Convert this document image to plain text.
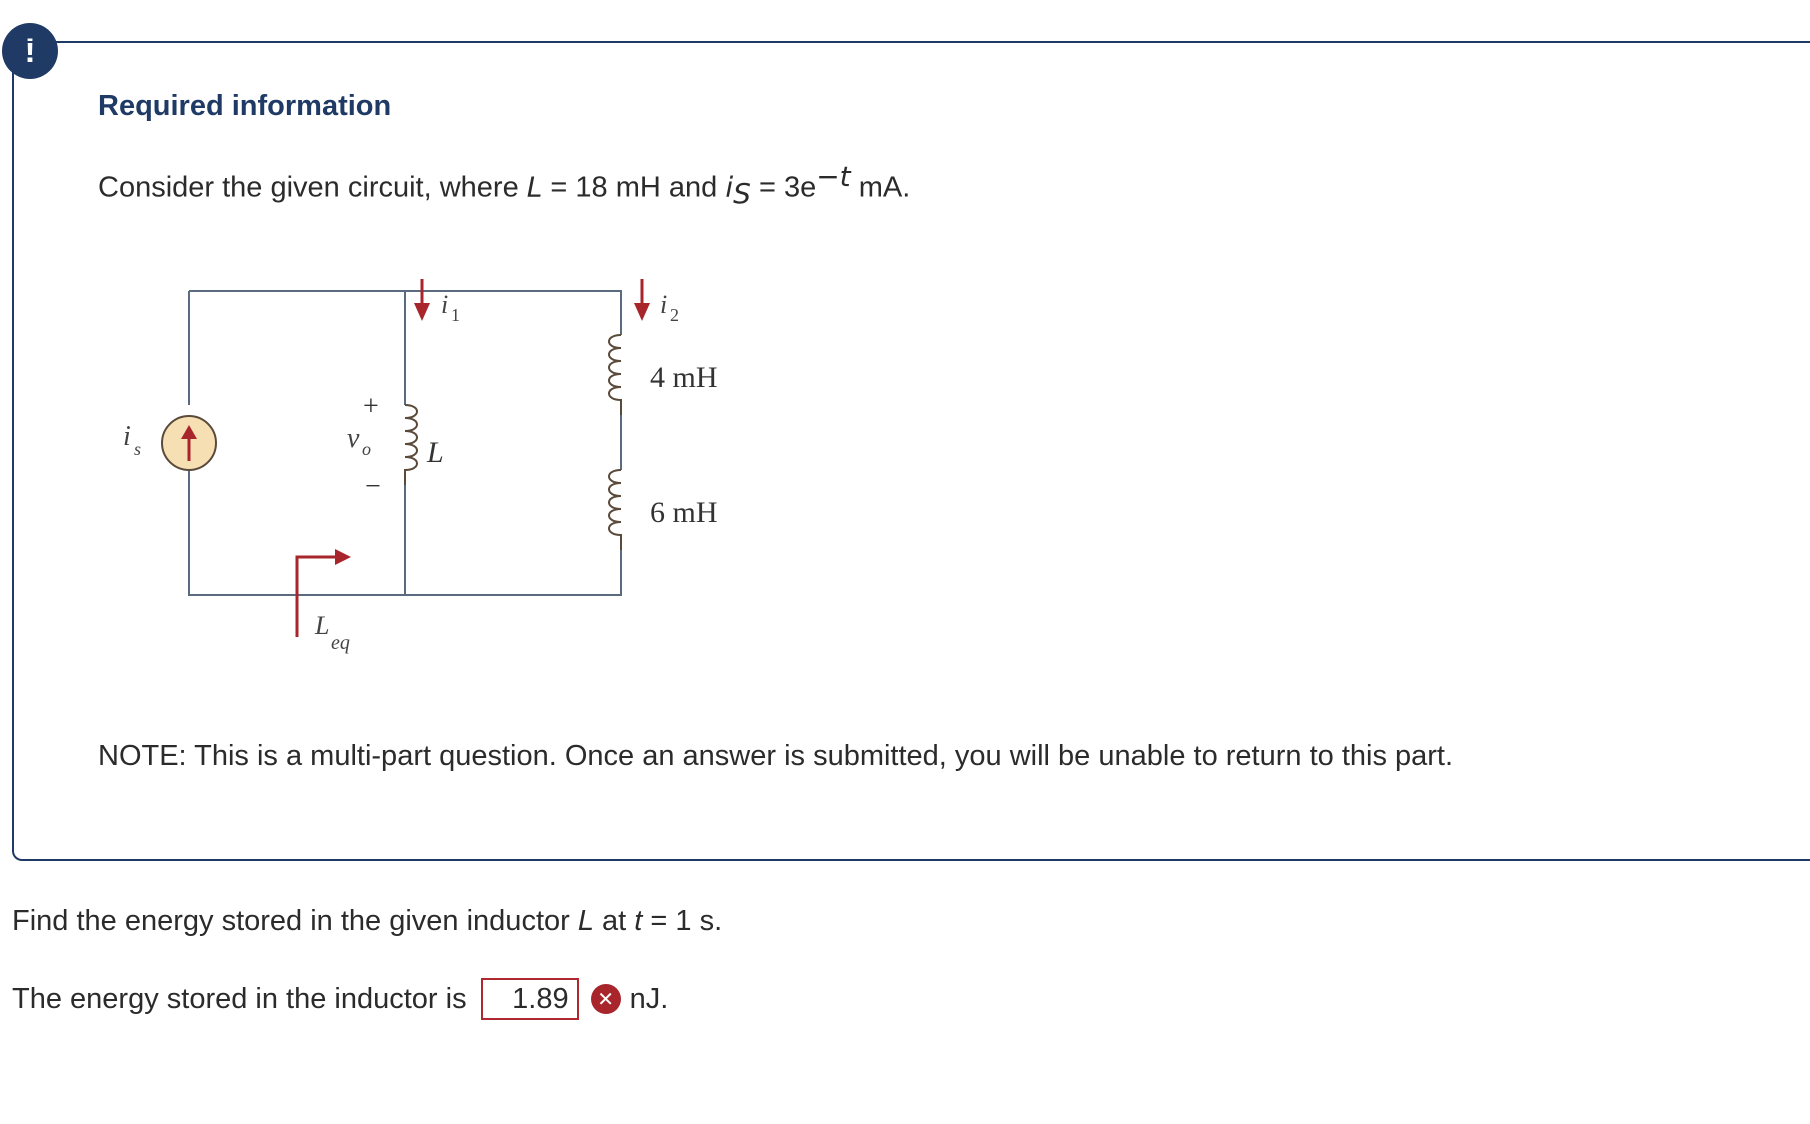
!
Required information
Consider the given circuit, where L = 18 mH and $i_S = 3e^{-t}$ mA.
i s	L
+
v o
−
i 1	i 2
4 mH
6 mH
L
eq
NOTE: This is a multi-part question. Once an answer is submitted, you will be unable to return to this part.
Find the energy stored in the given inductor L at t = 1 s.
The energy stored in the inductor is
1.89	✕ nJ.
